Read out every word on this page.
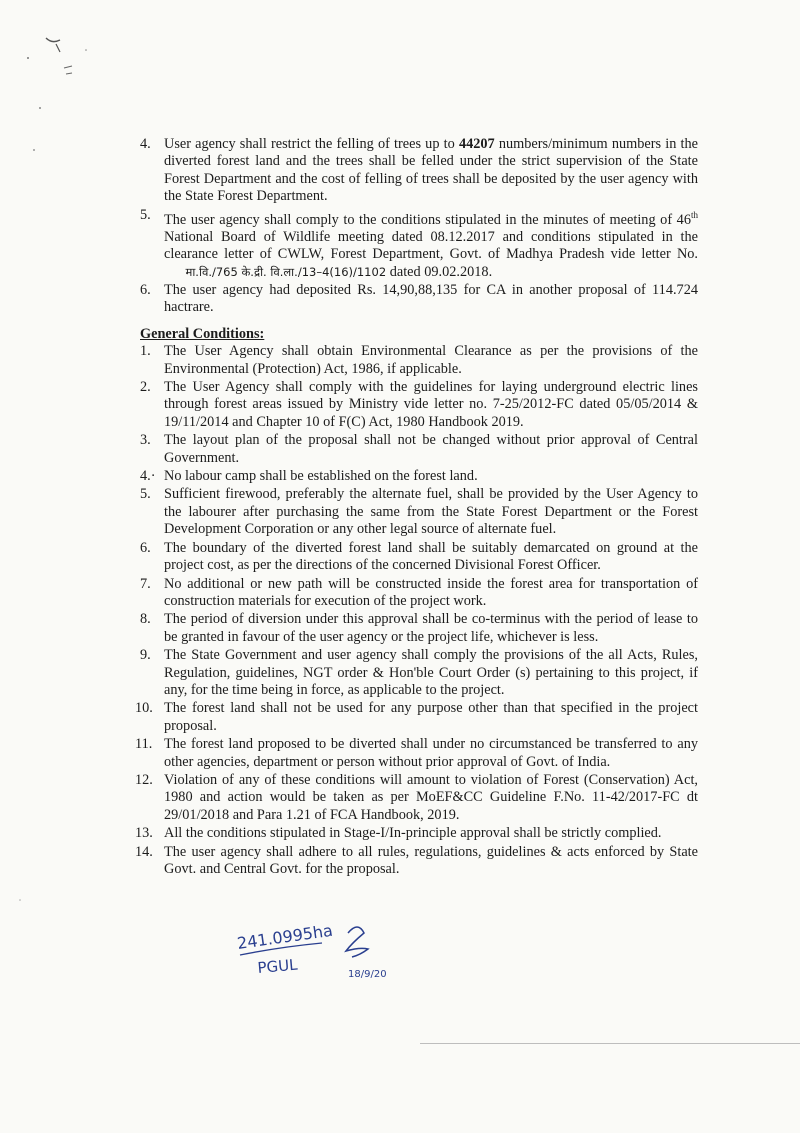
4. User agency shall restrict the felling of trees up to 44207 numbers/minimum numbers in the diverted forest land and the trees shall be felled under the strict supervision of the State Forest Department and the cost of felling of trees shall be deposited by the user agency with the State Forest Department.
5. The user agency shall comply to the conditions stipulated in the minutes of meeting of 46th National Board of Wildlife meeting dated 08.12.2017 and conditions stipulated in the clearance letter of CWLW, Forest Department, Govt. of Madhya Pradesh vide letter No.       मा.वि./765 के.द्री. वि.ला./13–4(16)/1102 dated 09.02.2018.
6. The user agency had deposited Rs. 14,90,88,135 for CA in another proposal of 114.724 hactrare.
General Conditions:
1. The User Agency shall obtain Environmental Clearance as per the provisions of the Environmental (Protection) Act, 1986, if applicable.
2. The User Agency shall comply with the guidelines for laying underground electric lines through forest areas issued by Ministry vide letter no. 7-25/2012-FC dated 05/05/2014 & 19/11/2014 and Chapter 10 of F(C) Act, 1980 Handbook 2019.
3. The layout plan of the proposal shall not be changed without prior approval of Central Government.
4.· No labour camp shall be established on the forest land.
5. Sufficient firewood, preferably the alternate fuel, shall be provided by the User Agency to the labourer after purchasing the same from the State Forest Department or the Forest Development Corporation or any other legal source of alternate fuel.
6. The boundary of the diverted forest land shall be suitably demarcated on ground at the project cost, as per the directions of the concerned Divisional Forest Officer.
7. No additional or new path will be constructed inside the forest area for transportation of construction materials for execution of the project work.
8. The period of diversion under this approval shall be co-terminus with the period of lease to be granted in favour of the user agency or the project life, whichever is less.
9. The State Government and user agency shall comply the provisions of the all Acts, Rules, Regulation, guidelines, NGT order & Hon'ble Court Order (s) pertaining to this project, if any, for the time being in force, as applicable to the project.
10. The forest land shall not be used for any purpose other than that specified in the project proposal.
11. The forest land proposed to be diverted shall under no circumstanced be transferred to any other agencies, department or person without prior approval of Govt. of India.
12. Violation of any of these conditions will amount to violation of Forest (Conservation) Act, 1980 and action would be taken as per MoEF&CC Guideline F.No. 11-42/2017-FC dt 29/01/2018 and Para 1.21 of FCA Handbook, 2019.
13. All the conditions stipulated in Stage-I/In-principle approval shall be strictly complied.
14. The user agency shall adhere to all rules, regulations, guidelines & acts enforced by State Govt. and Central Govt. for the proposal.
241.0995ha
PGUL	18/9/20
